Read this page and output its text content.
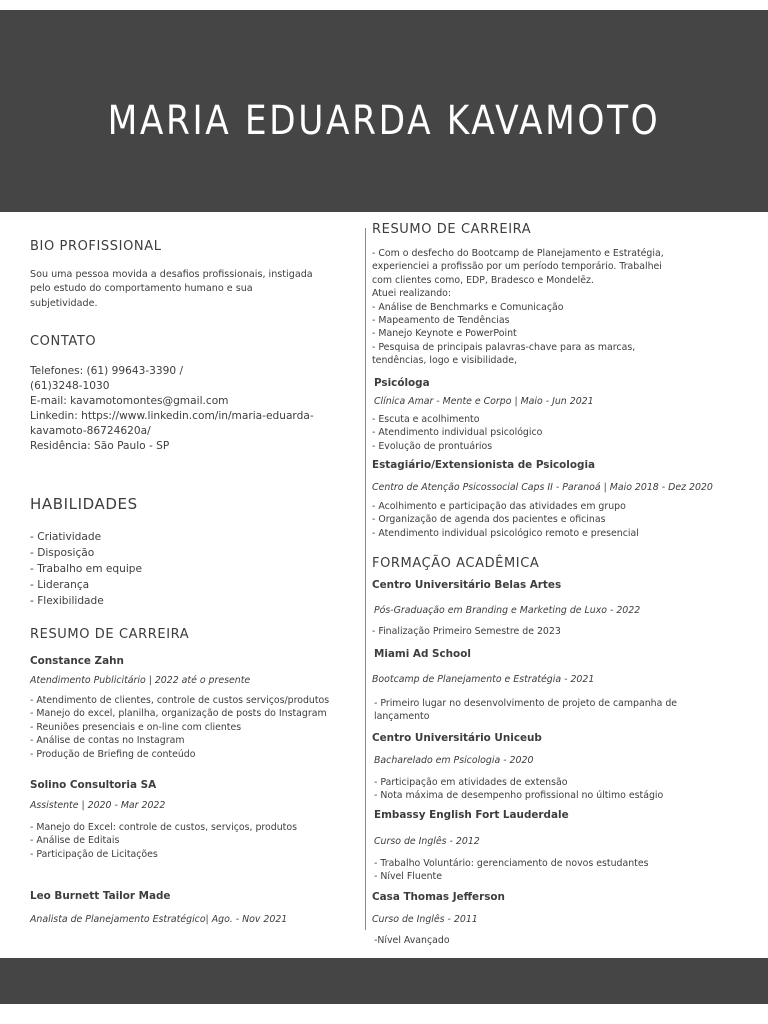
MARIA EDUARDA KAVAMOTO
BIO PROFISSIONAL
Sou uma pessoa movida a desafios profissionais, instigada
pelo estudo do comportamento humano e sua
subjetividade.
CONTATO
Telefones: (61) 99643-3390 /
(61)3248-1030
E-mail: kavamotomontes@gmail.com
Linkedin: https://www.linkedin.com/in/maria-eduarda-
kavamoto-86724620a/
Residência: São Paulo - SP
HABILIDADES
- Criatividade
- Disposição
- Trabalho em equipe
- Liderança
- Flexibilidade
RESUMO DE CARREIRA
Constance Zahn
Atendimento Publicitário | 2022 até o presente
- Atendimento de clientes, controle de custos serviços/produtos
- Manejo do excel, planilha, organização de posts do Instagram
- Reuniões presenciais e on-line com clientes
- Análise de contas no Instagram
- Produção de Briefing de conteúdo
Solino Consultoria SA
Assistente | 2020 - Mar 2022
- Manejo do Excel: controle de custos, serviços, produtos
- Análise de Editais
- Participação de Licitações
Leo Burnett Tailor Made
Analista de Planejamento Estratégico| Ago. - Nov 2021
RESUMO DE CARREIRA
- Com o desfecho do Bootcamp de Planejamento e Estratégia,
experienciei a profissão por um período temporário. Trabalhei
com clientes como, EDP, Bradesco e Mondelēz.
Atuei realizando:
- Análise de Benchmarks e Comunicação
- Mapeamento de Tendências
- Manejo Keynote e PowerPoint
- Pesquisa de principais palavras-chave para as marcas,
tendências, logo e visibilidade,
Psicóloga
Clínica Amar - Mente e Corpo | Maio - Jun 2021
- Escuta e acolhimento
- Atendimento individual psicológico
- Evolução de prontuários
Estagiário/Extensionista de Psicologia
Centro de Atenção Psicossocial Caps II - Paranoá | Maio 2018 - Dez 2020
- Acolhimento e participação das atividades em grupo
- Organização de agenda dos pacientes e oficinas
- Atendimento individual psicológico remoto e presencial
FORMAÇÃO ACADÊMICA
Centro Universitário Belas Artes
Pós-Graduação em Branding e Marketing de Luxo - 2022
- Finalização Primeiro Semestre de 2023
Miami Ad School
Bootcamp de Planejamento e Estratégia - 2021
- Primeiro lugar no desenvolvimento de projeto de campanha de
lançamento
Centro Universitário Uniceub
Bacharelado em Psicologia - 2020
- Participação em atividades de extensão
- Nota máxima de desempenho profissional no último estágio
Embassy English Fort Lauderdale
Curso de Inglês - 2012
- Trabalho Voluntário: gerenciamento de novos estudantes
- Nível Fluente
Casa Thomas Jefferson
Curso de Inglês - 2011
-Nível Avançado
